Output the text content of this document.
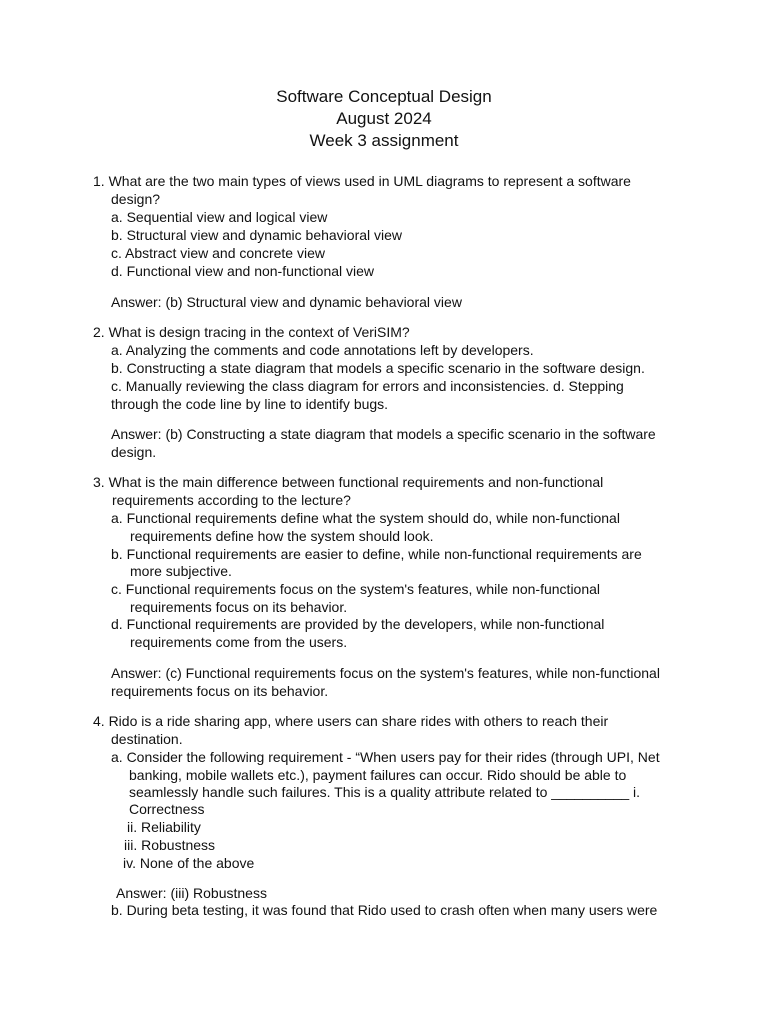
Software Conceptual Design
August 2024
Week 3 assignment
1. What are the two main types of views used in UML diagrams to represent a software
design?
a. Sequential view and logical view
b. Structural view and dynamic behavioral view
c. Abstract view and concrete view
d. Functional view and non-functional view
Answer: (b) Structural view and dynamic behavioral view
2. What is design tracing in the context of VeriSIM?
a. Analyzing the comments and code annotations left by developers.
b. Constructing a state diagram that models a specific scenario in the software design.
c. Manually reviewing the class diagram for errors and inconsistencies. d. Stepping
through the code line by line to identify bugs.
Answer: (b) Constructing a state diagram that models a specific scenario in the software
design.
3. What is the main difference between functional requirements and non-functional
requirements according to the lecture?
a. Functional requirements define what the system should do, while non-functional
requirements define how the system should look.
b. Functional requirements are easier to define, while non-functional requirements are
more subjective.
c. Functional requirements focus on the system's features, while non-functional
requirements focus on its behavior.
d. Functional requirements are provided by the developers, while non-functional
requirements come from the users.
Answer: (c) Functional requirements focus on the system's features, while non-functional
requirements focus on its behavior.
4. Rido is a ride sharing app, where users can share rides with others to reach their
destination.
a. Consider the following requirement - “When users pay for their rides (through UPI, Net
banking, mobile wallets etc.), payment failures can occur. Rido should be able to
seamlessly handle such failures. This is a quality attribute related to __________ i.
Correctness
ii. Reliability
iii. Robustness
iv. None of the above
Answer: (iii) Robustness
b. During beta testing, it was found that Rido used to crash often when many users were
